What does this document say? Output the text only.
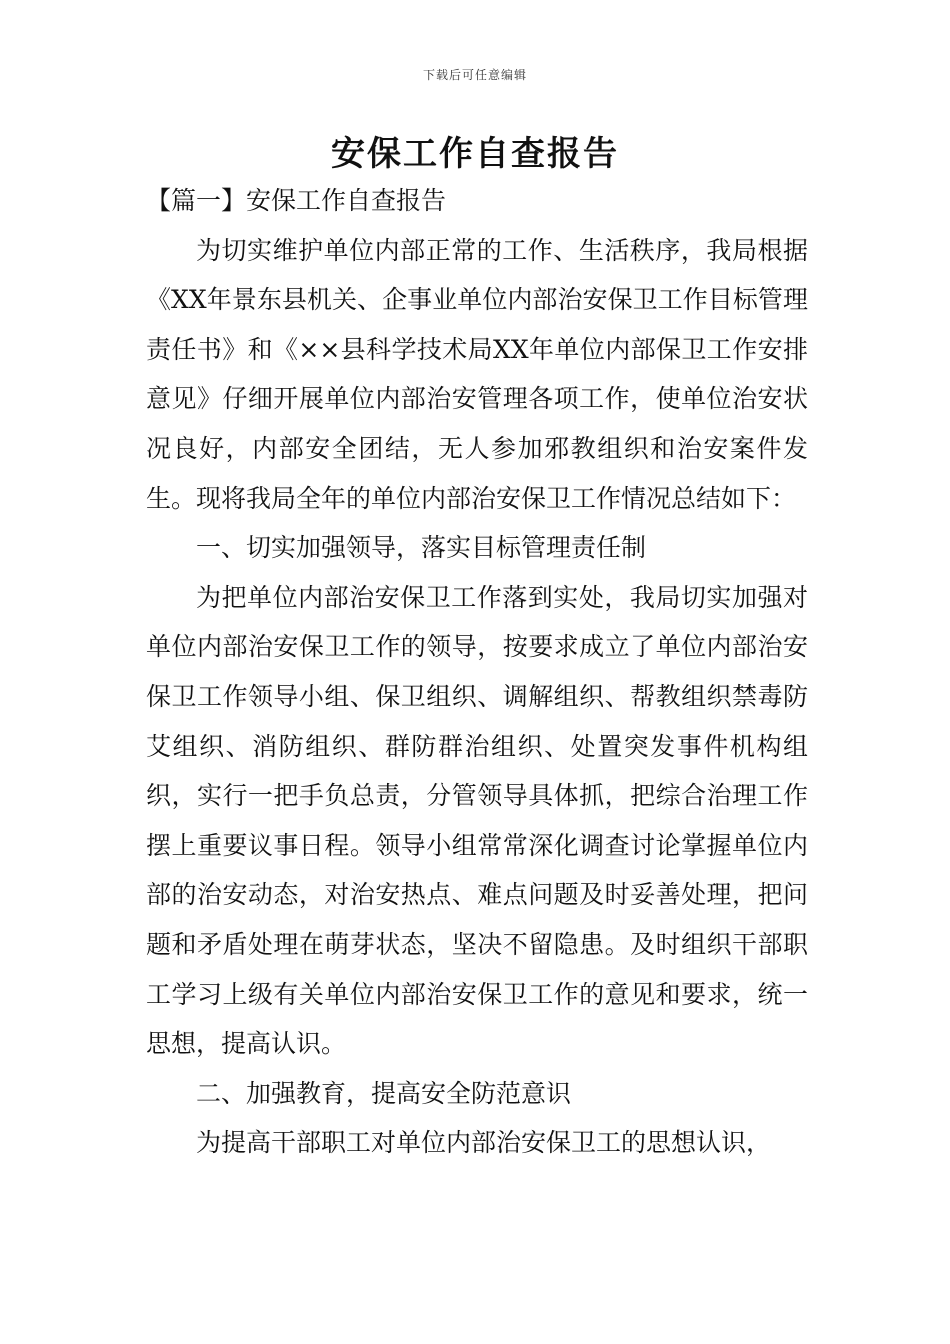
下载后可任意编辑
安保工作自查报告

【篇一】安保工作自查报告

为切实维护单位内部正常的工作、生活秩序，我局根据《XX年景东县机关、企事业单位内部治安保卫工作目标管理责任书》和《××县科学技术局XX年单位内部保卫工作安排意见》仔细开展单位内部治安管理各项工作，使单位治安状况良好，内部安全团结，无人参加邪教组织和治安案件发生。现将我局全年的单位内部治安保卫工作情况总结如下：

一、切实加强领导，落实目标管理责任制

为把单位内部治安保卫工作落到实处，我局切实加强对单位内部治安保卫工作的领导，按要求成立了单位内部治安保卫工作领导小组、保卫组织、调解组织、帮教组织禁毒防艾组织、消防组织、群防群治组织、处置突发事件机构组织，实行一把手负总责，分管领导具体抓，把综合治理工作摆上重要议事日程。领导小组常常深化调查讨论掌握单位内部的治安动态，对治安热点、难点问题及时妥善处理，把问题和矛盾处理在萌芽状态，坚决不留隐患。及时组织干部职工学习上级有关单位内部治安保卫工作的意见和要求，统一思想，提高认识。

二、加强教育，提高安全防范意识

为提高干部职工对单位内部治安保卫工的思想认识，
